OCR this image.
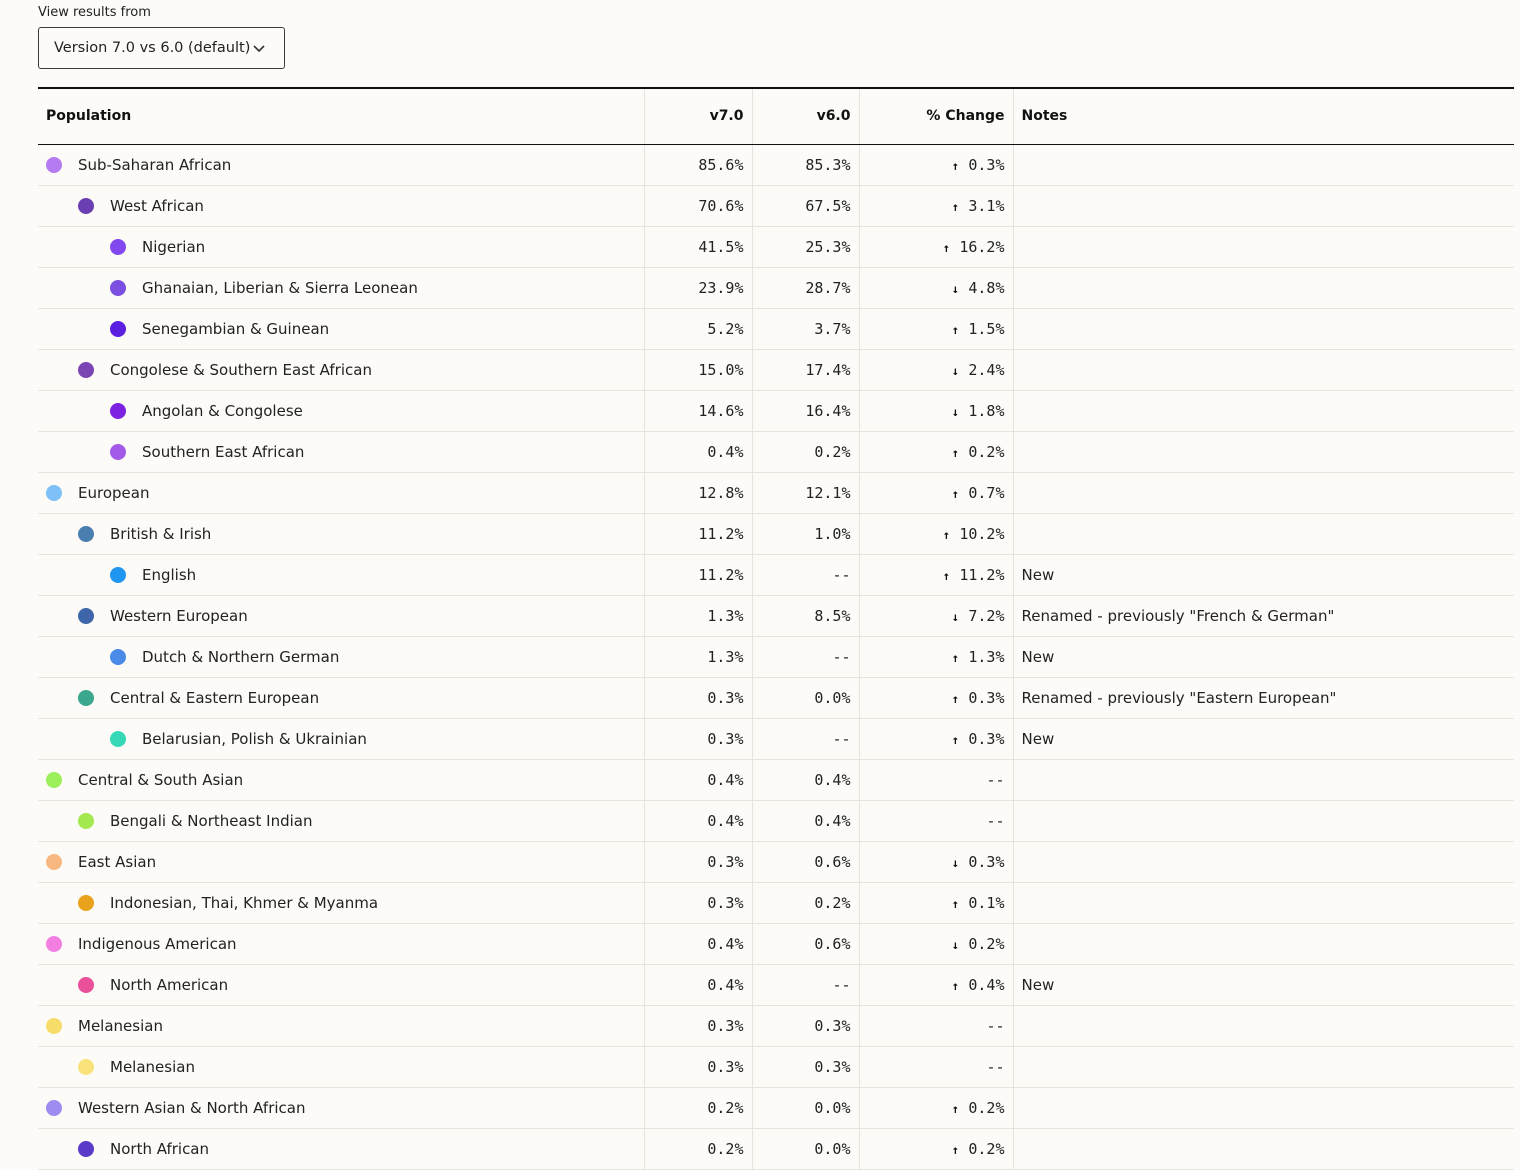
View results from
Version 7.0 vs 6.0 (default)
Population	v7.0	v6.0	% Change	Notes

Sub-Saharan African	85.6%	85.3%	↑ 0.3%	

West African	70.6%	67.5%	↑ 3.1%	

Nigerian	41.5%	25.3%	↑ 16.2%	

Ghanaian, Liberian & Sierra Leonean	23.9%	28.7%	↓ 4.8%	

Senegambian & Guinean	5.2%	3.7%	↑ 1.5%	

Congolese & Southern East African	15.0%	17.4%	↓ 2.4%	

Angolan & Congolese	14.6%	16.4%	↓ 1.8%	

Southern East African	0.4%	0.2%	↑ 0.2%	

European	12.8%	12.1%	↑ 0.7%	

British & Irish	11.2%	1.0%	↑ 10.2%	

English	11.2%	--	↑ 11.2%	New

Western European	1.3%	8.5%	↓ 7.2%	Renamed - previously "French & German"

Dutch & Northern German	1.3%	--	↑ 1.3%	New

Central & Eastern European	0.3%	0.0%	↑ 0.3%	Renamed - previously "Eastern European"

Belarusian, Polish & Ukrainian	0.3%	--	↑ 0.3%	New

Central & South Asian	0.4%	0.4%	--	

Bengali & Northeast Indian	0.4%	0.4%	--	

East Asian	0.3%	0.6%	↓ 0.3%	

Indonesian, Thai, Khmer & Myanma	0.3%	0.2%	↑ 0.1%	

Indigenous American	0.4%	0.6%	↓ 0.2%	

North American	0.4%	--	↑ 0.4%	New

Melanesian	0.3%	0.3%	--	

Melanesian	0.3%	0.3%	--	

Western Asian & North African	0.2%	0.0%	↑ 0.2%	

North African	0.2%	0.0%	↑ 0.2%	
